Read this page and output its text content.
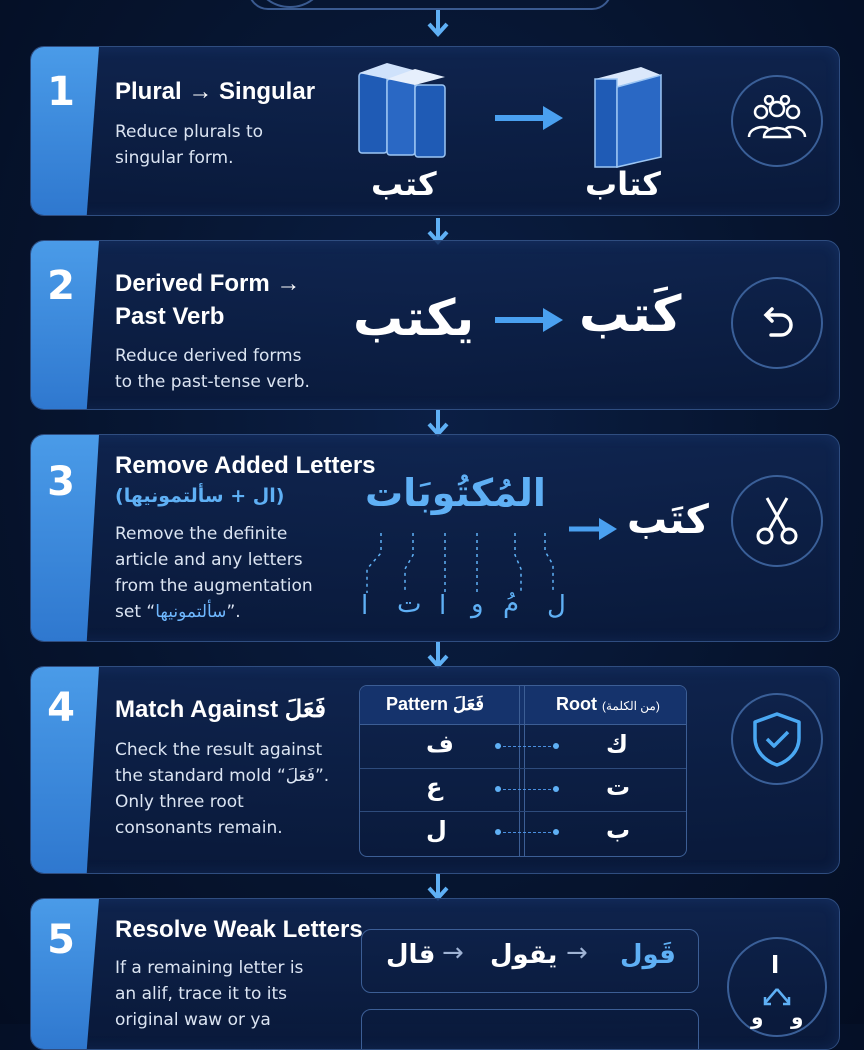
1	Plural → Singular
Reduce plurals to
singular form.
كتب	كتاب
2	Derived Form →
Past Verb
Reduce derived forms
to the past-tense verb.
يكتب كَتب
3	Remove Added Letters
(ال + سألتمونيها)
Remove the definite
article and any letters
from the augmentation
set “سألتمونيها”.
المُكتُوبَات
ا ت ا و مُ ل
كتَب
4	Match Against فَعَلَ
Check the result against
the standard mold “فَعَلَ”.
Only three root
consonants remain.
Pattern فَعَلَ	Root (من الكلمة)
ف	ك
ع	ت
ل	ب
5	Resolve Weak Letters
If a remaining letter is
an alif, trace it to its
original waw or ya
قال → يقول → قَول	ا
و و
